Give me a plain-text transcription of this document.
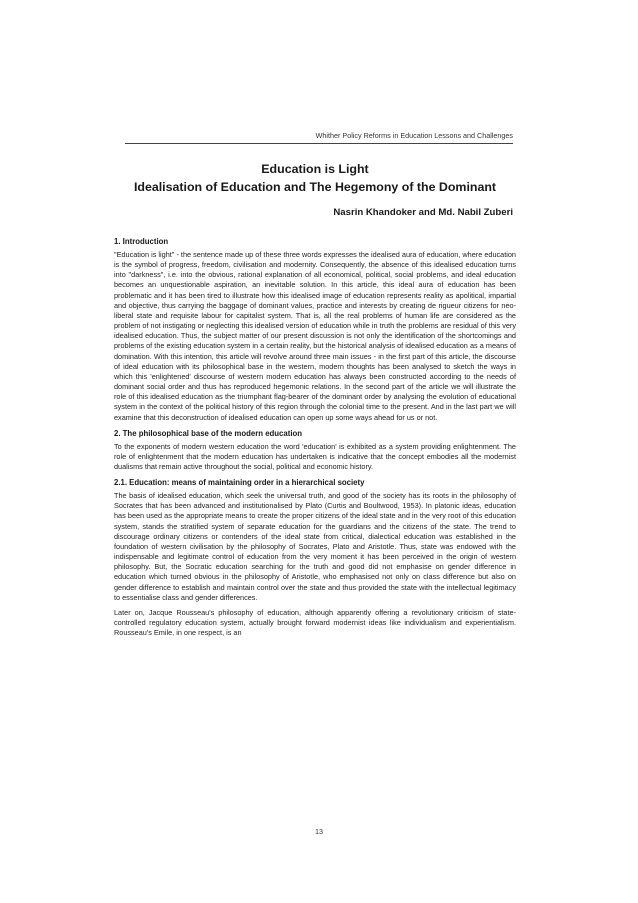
Whither Policy Reforms in Education Lessons and Challenges
Education is Light
Idealisation of Education and The Hegemony of the Dominant
Nasrin Khandoker and Md. Nabil Zuberi
1. Introduction

"Education is light" - the sentence made up of these three words expresses the idealised aura of education, where education is the symbol of progress, freedom, civilisation and modernity. Consequently, the absence of this idealised education turns into "darkness", i.e. into the obvious, rational explanation of all economical, political, social problems, and ideal education becomes an unquestionable aspiration, an inevitable solution. In this article, this ideal aura of education has been problematic and it has been tired to illustrate how this idealised image of education represents reality as apolitical, impartial and objective, thus carrying the baggage of dominant values, practice and interests by creating de rigueur citizens for neo-liberal state and requisite labour for capitalist system. That is, all the real problems of human life are considered as the problem of not instigating or neglecting this idealised version of education while in truth the problems are residual of this very idealised education. Thus, the subject matter of our present discussion is not only the identification of the shortcomings and problems of the existing education system in a certain reality, but the historical analysis of idealised education as a means of domination. With this intention, this article will revolve around three main issues - in the first part of this article, the discourse of ideal education with its philosophical base in the western, modern thoughts has been analysed to sketch the ways in which this 'enlightened' discourse of western modern education has always been constructed according to the needs of dominant social order and thus has reproduced hegemonic relations. In the second part of the article we will illustrate the role of this idealised education as the triumphant flag-bearer of the dominant order by analysing the evolution of educational system in the context of the political history of this region through the colonial time to the present. And in the last part we will examine that this deconstruction of idealised education can open up some ways ahead for us or not.

2. The philosophical base of the modern education

To the exponents of modern western education the word 'education' is exhibited as a system providing enlightenment. The role of enlightenment that the modern education has undertaken is indicative that the concept embodies all the modernist dualisms that remain active throughout the social, political and economic history.

2.1. Education: means of maintaining order in a hierarchical society

The basis of idealised education, which seek the universal truth, and good of the society has its roots in the philosophy of Socrates that has been advanced and institutionalised by Plato (Curtis and Boultwood, 1953). In platonic ideas, education has been used as the appropriate means to create the proper citizens of the ideal state and in the very root of this education system, stands the stratified system of separate education for the guardians and the citizens of the state. The trend to discourage ordinary citizens or contenders of the ideal state from critical, dialectical education was established in the foundation of western civilisation by the philosophy of Socrates, Plato and Aristotle. Thus, state was endowed with the indispensable and legitimate control of education from the very moment it has been perceived in the origin of western philosophy. But, the Socratic education searching for the truth and good did not emphasise on gender difference in education which turned obvious in the philosophy of Aristotle, who emphasised not only on class difference but also on gender difference to establish and maintain control over the state and thus provided the state with the intellectual legitimacy to essentialise class and gender differences.

Later on, Jacque Rousseau's philosophy of education, although apparently offering a revolutionary criticism of state-controlled regulatory education system, actually brought forward modernist ideas like individualism and experientialism. Rousseau's Emile, in one respect, is an

13
